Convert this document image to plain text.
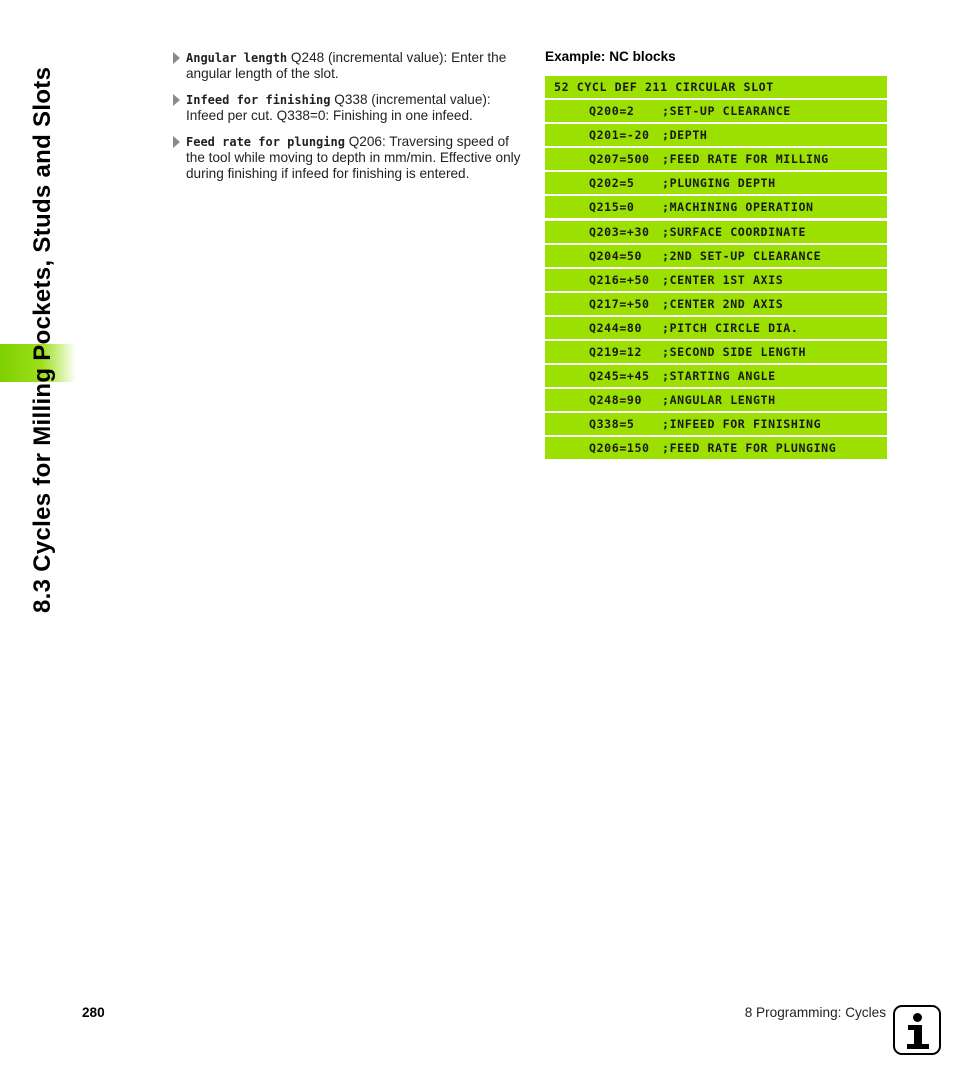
8.3 Cycles for Milling Pockets, Studs and Slots
Angular length Q248 (incremental value): Enter the angular length of the slot.
Infeed for finishing Q338 (incremental value): Infeed per cut. Q338=0: Finishing in one infeed.
Feed rate for plunging Q206: Traversing speed of the tool while moving to depth in mm/min. Effective only during finishing if infeed for finishing is entered.
Example: NC blocks
52 CYCL DEF 211 CIRCULAR SLOT
Q200=2 ;SET-UP CLEARANCE
Q201=-20 ;DEPTH
Q207=500 ;FEED RATE FOR MILLING
Q202=5 ;PLUNGING DEPTH
Q215=0 ;MACHINING OPERATION
Q203=+30 ;SURFACE COORDINATE
Q204=50 ;2ND SET-UP CLEARANCE
Q216=+50 ;CENTER 1ST AXIS
Q217=+50 ;CENTER 2ND AXIS
Q244=80 ;PITCH CIRCLE DIA.
Q219=12 ;SECOND SIDE LENGTH
Q245=+45 ;STARTING ANGLE
Q248=90 ;ANGULAR LENGTH
Q338=5 ;INFEED FOR FINISHING
Q206=150 ;FEED RATE FOR PLUNGING
280	8 Programming: Cycles
